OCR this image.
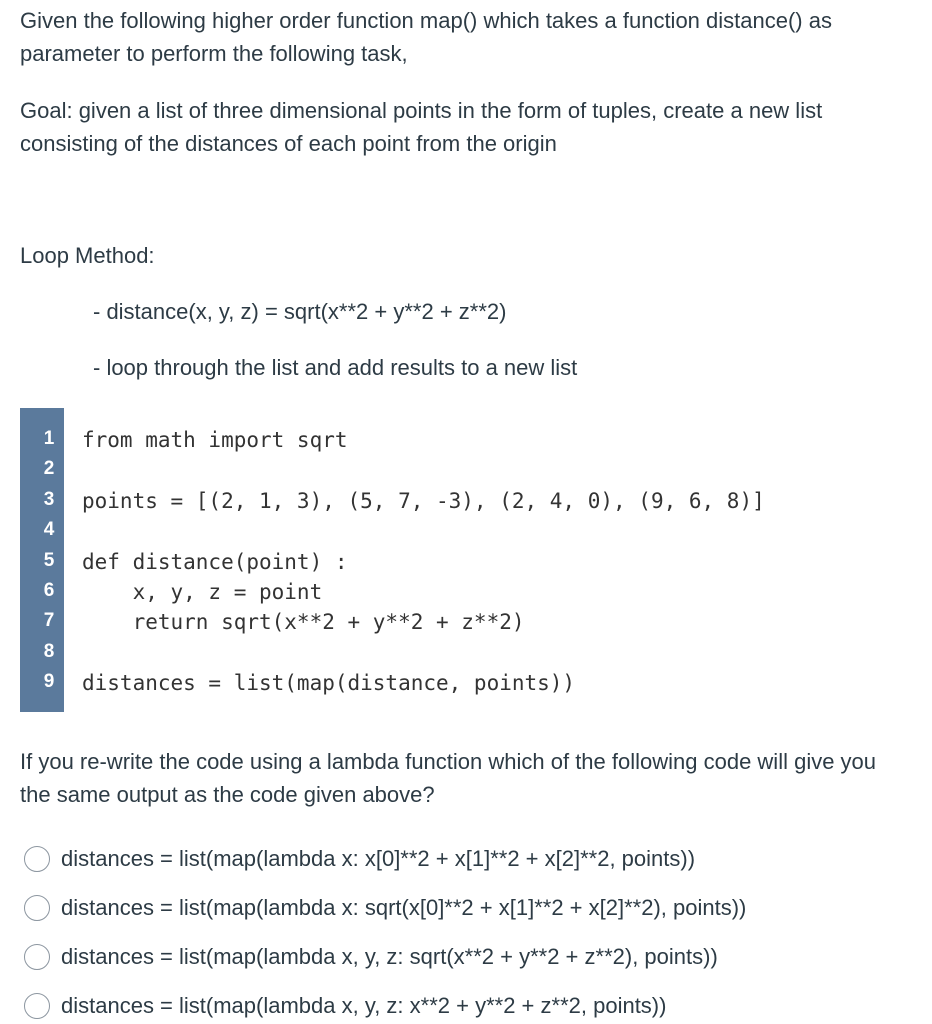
Given the following higher order function map() which takes a function distance() as parameter to perform the following task,

Goal: given a list of three dimensional points in the form of tuples, create a new list consisting of the distances of each point from the origin

Loop Method:

- distance(x, y, z) = sqrt(x**2 + y**2 + z**2)
- loop through the list and add results to a new list
1
2
3
4
5
6
7
8
9
from math import sqrt
points = [(2, 1, 3), (5, 7, -3), (2, 4, 0), (9, 6, 8)]
def distance(point) :
x, y, z = point
return sqrt(x**2 + y**2 + z**2)
distances = list(map(distance, points))

If you re-write the code using a lambda function which of the following code will give you the same output as the code given above?

distances = list(map(lambda x: x[0]**2 + x[1]**2 + x[2]**2, points))
distances = list(map(lambda x: sqrt(x[0]**2 + x[1]**2 + x[2]**2), points))
distances = list(map(lambda x, y, z: sqrt(x**2 + y**2 + z**2), points))
distances = list(map(lambda x, y, z: x**2 + y**2 + z**2, points))
